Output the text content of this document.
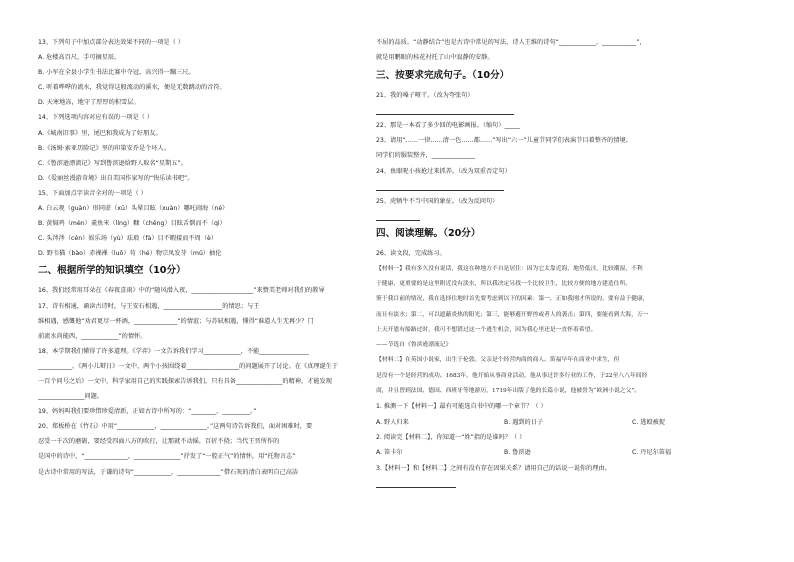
13、下列句子中加点部分表达效果不同的一项是（ ）
A. 危楼高百尺，手可摘星辰。
B. 小军在全县小学生书法比赛中夺冠，高兴得一蹦三尺。
C. 听着哗哗的流水，我觉得这般流动的溪水，便是无数跳动的音符。
D. 天寒地冻，地守了厚厚的积雪层。
14、下列选项内容对应有误的一项是（ ）
A.《城南旧事》里，尾巴和我成为了好朋友。
B.《汤姆·索亚历险记》里的印第安乔是个坏人。
C.《鲁滨逊漂流记》写到鲁滨逊给野人取名“星期五”。
D.《爱丽丝漫游奇境》出自美国作家写的“快乐读书吧”。
15、下面加点字读音全对的一项是（ ）
A. 白云观（guàn）形同虚（xū）头晕目眩（xuàn）哪吒闹海（né）
B. 黄焖鸡（mèn）羹鱼米（líng）糠（chēng）目眩舌倒而不（qì）
C. 头涔涔（cén）娱乐场（yù）珐琅（fà）目不暇接而不周（è）
D. 野韦猫（bào）赤裸裸（luǒ）苟（hé）物宗凤发芽（mǔ）抽伦
二、根据所学的知识填空（10分）
16、我们经常用耳朵在《春夜喜雨》中的“随风潜入夜，____________________”来赞美老师对我们的教导
17、诗有相通，诵读古诗时，与王安石相遇，___________________的情思；与王
维相遇，感慨他“劝君更尽一杯酒，______________”的情谊；与苏轼相遇，懂得“谁道人生无再少？门
前流水尚能西，____________”的情怀。
18、本学期我们懂得了许多道理。《学弈》一文告诉我们学习____________，不能________________
___________。《两小儿辩日》一文中，两个小孩围绕着_________________的问题展开了讨论。在《真理诞生于
一百个问号之后》一文中，科学家用自己的实践探索告诉我们，只有具备_______________的精神，才能发现
_______________问题。
19、妈妈叫我们要珍惜珍爱清新，正如古诗中所写的：“________，_________。”
20、郑板桥在《竹石》中用“____________，_______________。”这两句诗告诉我们，面对困难时，要
忍受一千次的磨砺，要经受四面八方的吹打，让那就不动摇，百折不挠；当代王晋所作的
是国中的诗中，“______________，_______________”抒发了“一腔正气”的情怀，用“托物言志”
是古诗中常用的写法，于谦的诗句“____________，______________”借石灰的清白表明自己高洁
不屈的品质。“动静结合”也是古诗中常见的写法，诗人王维的诗句“____________，___________”，
就是用鹏眼的桂花衬托了山中寂静的安静。
三、按要求完成句子。（10分）
21、我的嗓子哑干。（改为夸张句）
22、那是一本看了多少回的电影画报。（缩句）_____
23、请用“……一律……清一色……都……”写出“六一”儿童节同学们表演节目着整齐的情境。
同学们的服装整齐，______________
24、鱼眼呢小孩抢过来抓养。（改为双重否定句）
25、虎牺牛不当中国的象征。（改为反问句）
四、阅读理解。（20分）
26、读文段，完成练习。
【材料一】我有多久没有说话，我这在种地方不自是居住：因为它太靠近海，地势低洼，比较潮湿，不利
于健康，更重要的是这里附近没有淡水，所以我决定另找一个比较卫生，比较方便的地方建造住所。
鉴于我目前的情况，我在选择住地时首先要考虑到以下的因素：第一，正如我刚才所说的，要有益于健康，
而且有淡水；第二，可以遮蔽炎热的阳光；第三，能够避开野兽或者人的袭击；第四，要能看到大海，万一
上天开恩有船路过时，我可不想错过这一个逃生机会，因为我心里还是一直怀着希望。
——节选自《鲁滨逊漂流记》
【材料二】在英国小说家，出生于伦敦。父亲是个经营肉商的商人。笛福早年在商业中求生，但
是没有一个是经营的成功。1683年，他开始从事商业活动，他从事过许多行业的工作，于22至八八年间经
商，并且曾到法国、德国、西班牙等地游历，1719年出版了他的长篇小说，他被誉为“欧洲小说之父”。
1. 推测一下【材料一】最有可能选自书中的哪一个章节？（ ）
A. 野人归来	B. 遇到的日子	C. 逃殴被捉
2. 阅读完【材料二】，你知道一“姓”指的是谁吗？（ ）
A. 笛卡尔	B. 鲁滨逊	C. 丹尼尔笛福
3.【材料一】和【材料二】之间有没有存在因果关系？请用自己的话说一说你的理由。
